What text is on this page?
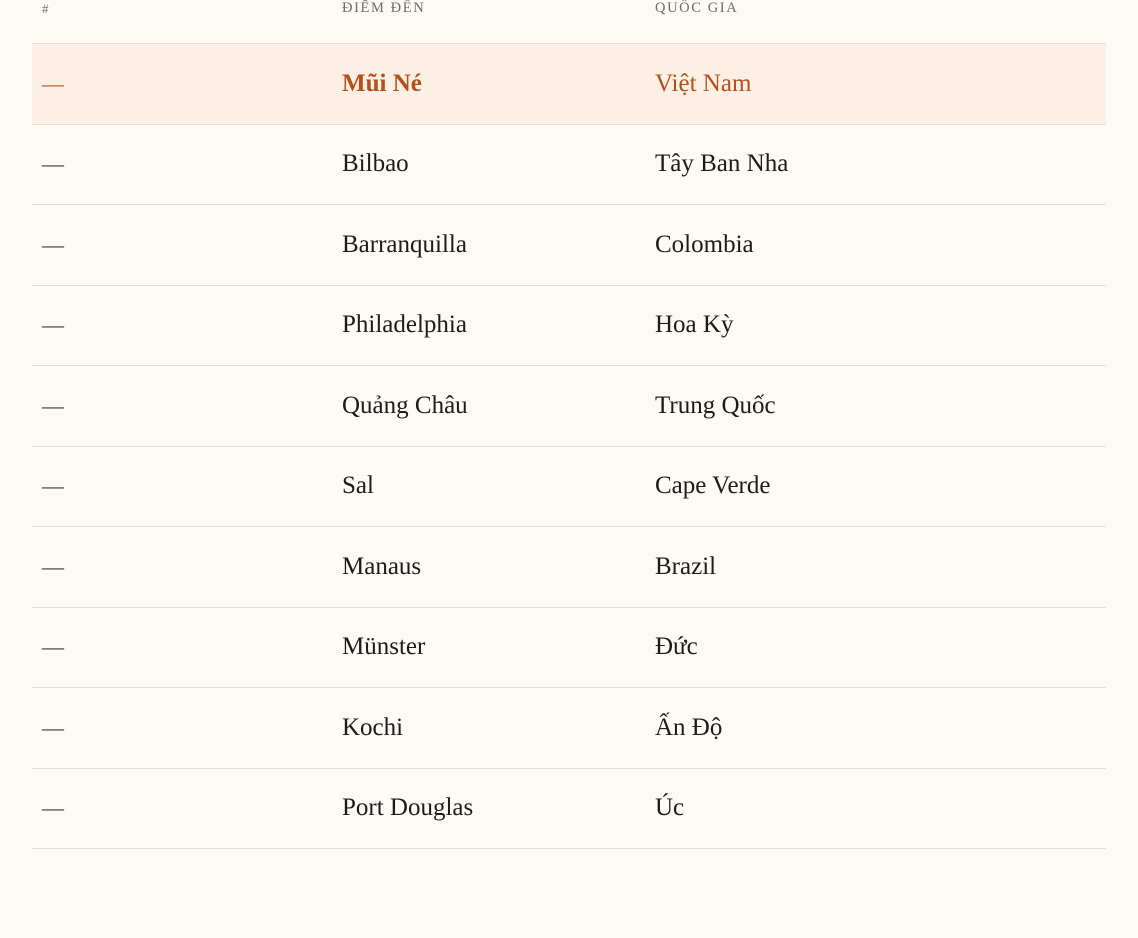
#	ĐIỂM ĐẾN	QUỐC GIA
—	Mũi Né	Việt Nam
—	Bilbao	Tây Ban Nha
—	Barranquilla	Colombia
—	Philadelphia	Hoa Kỳ
—	Quảng Châu	Trung Quốc
—	Sal	Cape Verde
—	Manaus	Brazil
—	Münster	Đức
—	Kochi	Ấn Độ
—	Port Douglas	Úc
